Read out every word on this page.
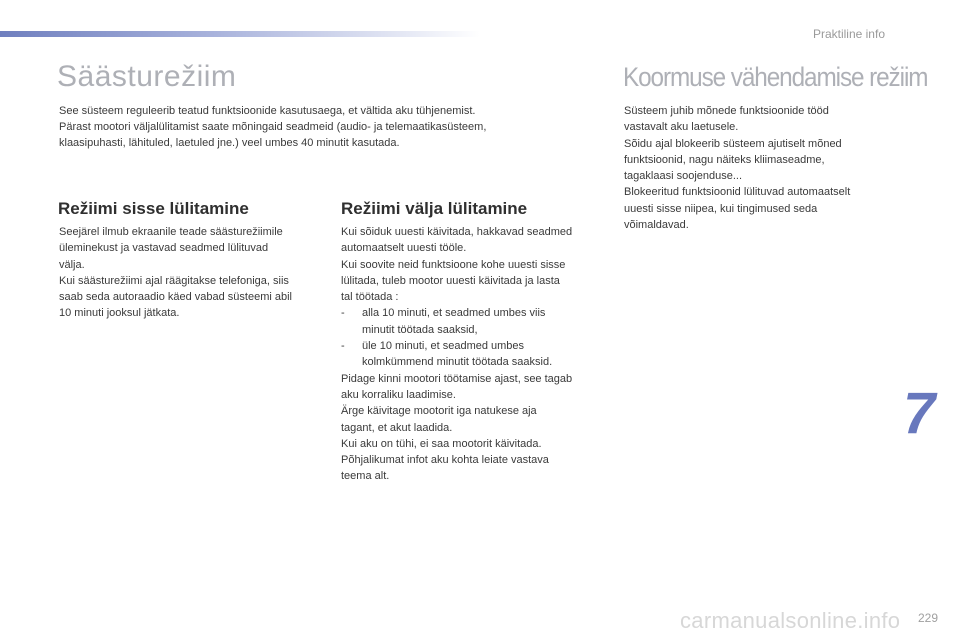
Praktiline info
Säästurežiim
See süsteem reguleerib teatud funktsioonide kasutusaega, et vältida aku tühjenemist.
Pärast mootori väljalülitamist saate mõningaid seadmeid (audio- ja telemaatikasüsteem,
klaasipuhasti, lähituled, laetuled jne.) veel umbes 40 minutit kasutada.
Koormuse vähendamise režiim
Süsteem juhib mõnede funktsioonide tööd
vastavalt aku laetusele.
Sõidu ajal blokeerib süsteem ajutiselt mõned
funktsioonid, nagu näiteks kliimaseadme,
tagaklaasi soojenduse...
Blokeeritud funktsioonid lülituvad automaatselt
uuesti sisse niipea, kui tingimused seda
võimaldavad.
Režiimi sisse lülitamine
Seejärel ilmub ekraanile teade säästurežiimile
üleminekust ja vastavad seadmed lülituvad
välja.
Kui säästurežiimi ajal räägitakse telefoniga, siis
saab seda autoraadio käed vabad süsteemi abil
10 minuti jooksul jätkata.
Režiimi välja lülitamine
Kui sõiduk uuesti käivitada, hakkavad seadmed
automaatselt uuesti tööle.
Kui soovite neid funktsioone kohe uuesti sisse
lülitada, tuleb mootor uuesti käivitada ja lasta
tal töötada :
-	alla 10 minuti, et seadmed umbes viis
minutit töötada saaksid,
-	üle 10 minuti, et seadmed umbes
kolmkümmend minutit töötada saaksid.
Pidage kinni mootori töötamise ajast, see tagab
aku korraliku laadimise.
Ärge käivitage mootorit iga natukese aja
tagant, et akut laadida.
Kui aku on tühi, ei saa mootorit käivitada.
Põhjalikumat infot aku kohta leiate vastava
teema alt.
7
carmanualsonline.info 229
